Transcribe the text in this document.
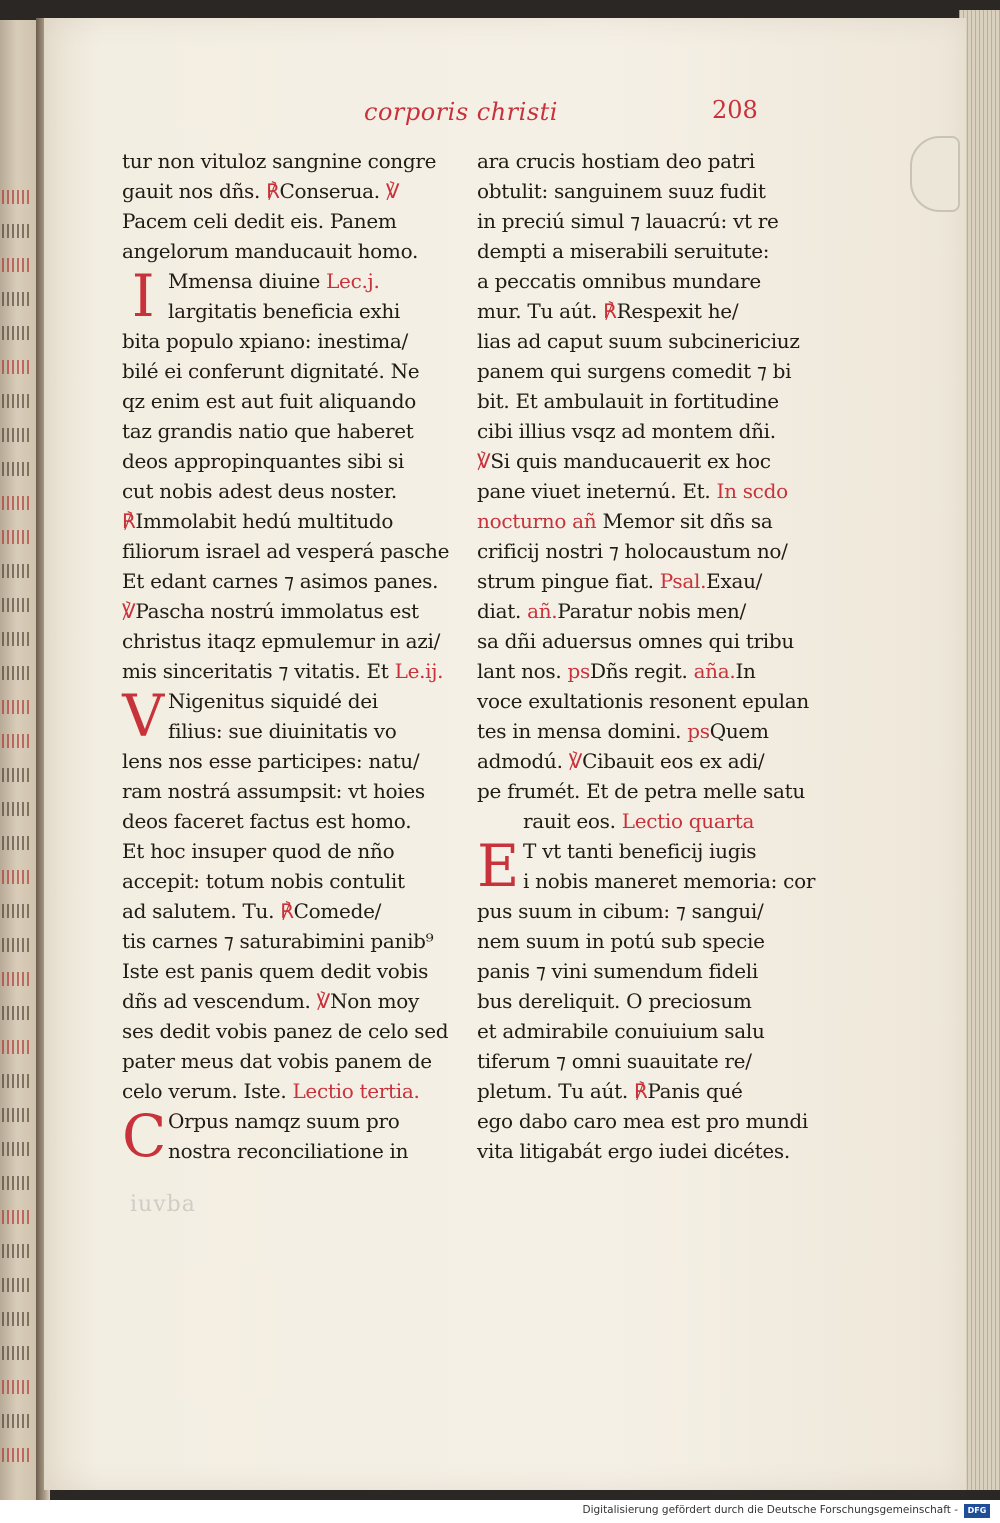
corporis christi	208
tur non vituloz sangnine congre
gauit nos dñs. ℟Conserua. ℣
Pacem celi dedit eis. Panem
angelorum manducauit homo.
I Mmensa diuine Lec.j.
largitatis beneficia exhi
bita populo xpiano: inestima/
bilé ei conferunt dignitaté. Ne
qz enim est aut fuit aliquando
taz grandis natio que haberet
deos appropinquantes sibi si
cut nobis adest deus noster.
℟Immolabit hedú multitudo
filiorum israel ad vesperá pasche
Et edant carnes ⁊ asimos panes.
℣Pascha nostrú immolatus est
christus itaqz epmulemur in azi/
mis sinceritatis ⁊ vitatis. Et Le.ij.
V Nigenitus siquidé dei
filius: sue diuinitatis vo
lens nos esse participes: natu/
ram nostrá assumpsit: vt hoies
deos faceret factus est homo.
Et hoc insuper quod de nño
accepit: totum nobis contulit
ad salutem. Tu. ℟Comede/
tis carnes ⁊ saturabimini panib⁹
Iste est panis quem dedit vobis
dñs ad vescendum. ℣Non moy
ses dedit vobis panez de celo sed
pater meus dat vobis panem de
celo verum. Iste. Lectio tertia.
C Orpus namqz suum pro
nostra reconciliatione in
ara crucis hostiam deo patri
obtulit: sanguinem suuz fudit
in preciú simul ⁊ lauacrú: vt re
dempti a miserabili seruitute:
a peccatis omnibus mundare
mur. Tu aút. ℟Respexit he/
lias ad caput suum subcinericiuz
panem qui surgens comedit ⁊ bi
bit. Et ambulauit in fortitudine
cibi illius vsqz ad montem dñi.
℣Si quis manducauerit ex hoc
pane viuet ineternú. Et. In scdo
nocturno añ Memor sit dñs sa
crificij nostri ⁊ holocaustum no/
strum pingue fiat. Psal.Exau/
diat. añ.Paratur nobis men/
sa dñi aduersus omnes qui tribu
lant nos. psDñs regit. aña.In
voce exultationis resonent epulan
tes in mensa domini. psQuem
admodú. ℣Cibauit eos ex adi/
pe frumét. Et de petra melle satu
rauit eos. Lectio quarta
E T vt tanti beneficij iugis
i nobis maneret memoria: cor
pus suum in cibum: ⁊ sangui/
nem suum in potú sub specie
panis ⁊ vini sumendum fideli
bus dereliquit. O preciosum
et admirabile conuiuium salu
tiferum ⁊ omni suauitate re/
pletum. Tu aút. ℟Panis qué
ego dabo caro mea est pro mundi
vita litigabát ergo iudei dicétes.
iuvba
Digitalisierung gefördert durch die Deutsche Forschungsgemeinschaft -	DFG
